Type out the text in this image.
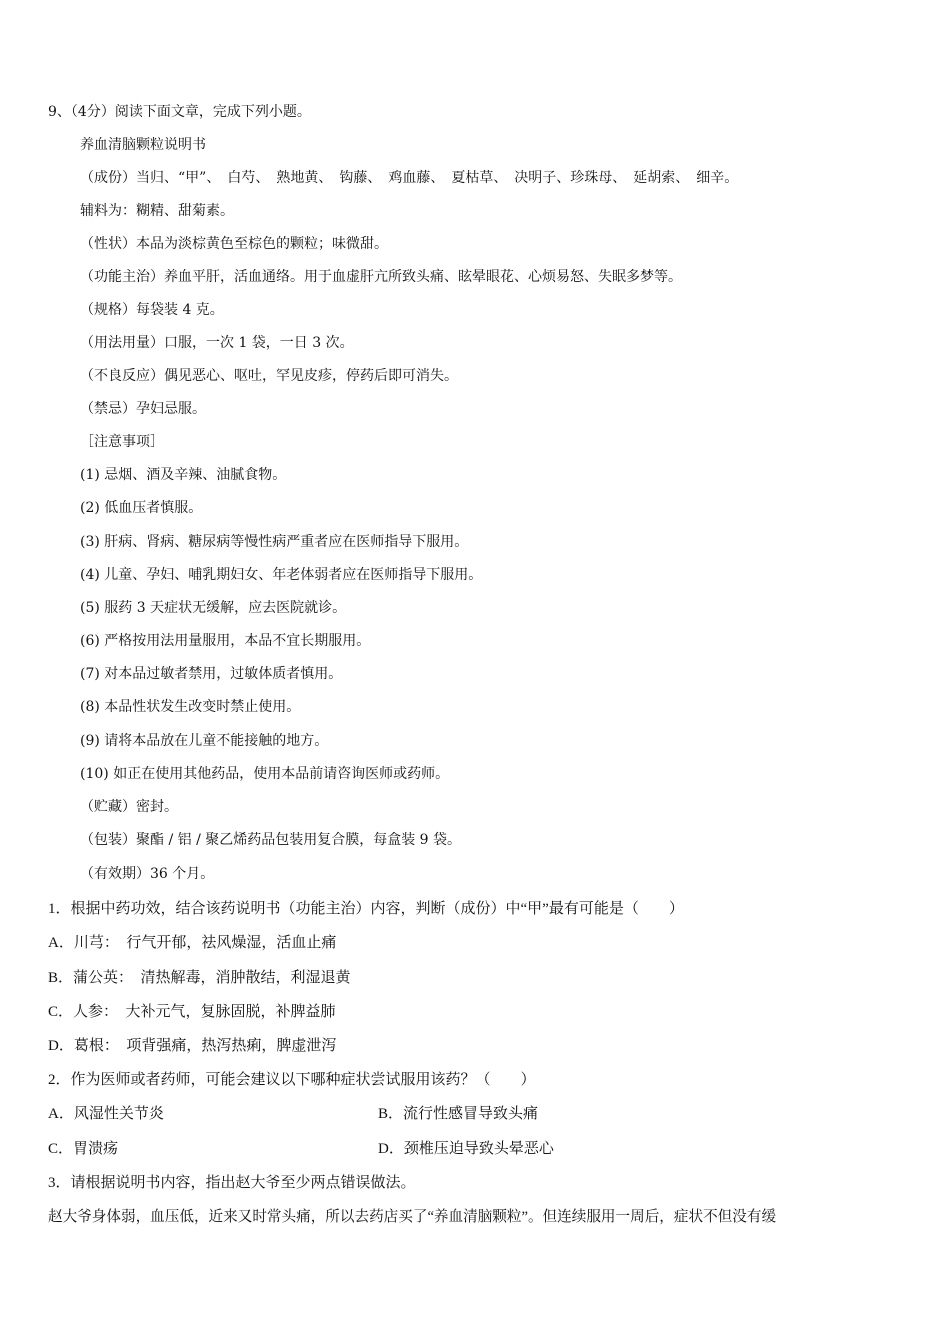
9、（4分）阅读下面文章，完成下列小题。
养血清脑颗粒说明书
（成份）当归、“甲”、　白芍、　熟地黄、　钩藤、　鸡血藤、　夏枯草、　决明子、珍珠母、　延胡索、　细辛。
辅料为：糊精、甜菊素。
（性状）本品为淡棕黄色至棕色的颗粒；味微甜。
（功能主治）养血平肝，活血通络。用于血虚肝亢所致头痛、眩晕眼花、心烦易怒、失眠多梦等。
（规格）每袋装 4 克。
（用法用量）口服，一次 1 袋，一日 3 次。
（不良反应）偶见恶心、呕吐，罕见皮疹，停药后即可消失。
（禁忌）孕妇忌服。
［注意事项］
(1) 忌烟、酒及辛辣、油腻食物。
(2) 低血压者慎服。
(3) 肝病、肾病、糖尿病等慢性病严重者应在医师指导下服用。
(4) 儿童、孕妇、哺乳期妇女、年老体弱者应在医师指导下服用。
(5) 服药 3 天症状无缓解，应去医院就诊。
(6) 严格按用法用量服用，本品不宜长期服用。
(7) 对本品过敏者禁用，过敏体质者慎用。
(8) 本品性状发生改变时禁止使用。
(9) 请将本品放在儿童不能接触的地方。
(10) 如正在使用其他药品，使用本品前请咨询医师或药师。
（贮藏）密封。
（包装）聚酯 / 铝 / 聚乙烯药品包装用复合膜，每盒装 9 袋。
（有效期）36 个月。
1．根据中药功效，结合该药说明书（功能主治）内容，判断（成份）中“甲”最有可能是（　　）
A．川芎：　行气开郁，祛风燥湿，活血止痛
B．蒲公英：　清热解毒，消肿散结，利湿退黄
C．人参：　大补元气，复脉固脱，补脾益肺
D．葛根：　项背强痛，热泻热痢，脾虚泄泻
2．作为医师或者药师，可能会建议以下哪种症状尝试服用该药？（　　）
A．风湿性关节炎	B．流行性感冒导致头痛
C．胃溃疡	D．颈椎压迫导致头晕恶心
3．请根据说明书内容，指出赵大爷至少两点错误做法。
赵大爷身体弱，血压低，近来又时常头痛，所以去药店买了“养血清脑颗粒”。但连续服用一周后，症状不但没有缓
